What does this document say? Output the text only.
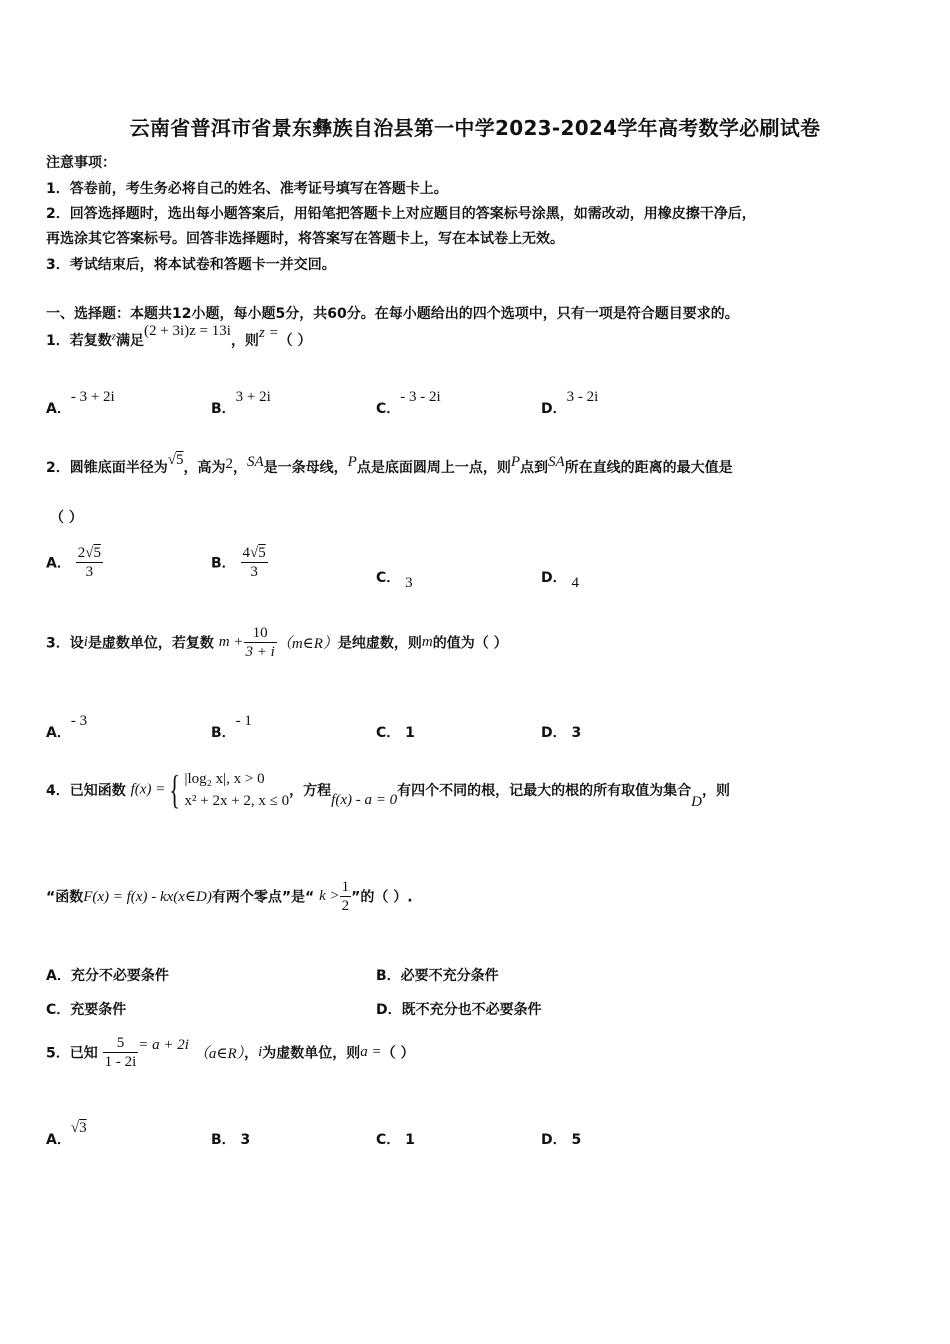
云南省普洱市省景东彝族自治县第一中学2023-2024学年高考数学必刷试卷
注意事项：
1．答卷前，考生务必将自己的姓名、准考证号填写在答题卡上。
2．回答选择题时，选出每小题答案后，用铅笔把答题卡上对应题目的答案标号涂黑，如需改动，用橡皮擦干净后，
再选涂其它答案标号。回答非选择题时，将答案写在答题卡上，写在本试卷上无效。
3．考试结束后，将本试卷和答题卡一并交回。
一、选择题：本题共12小题，每小题5分，共60分。在每小题给出的四个选项中，只有一项是符合题目要求的。
1．若复数$^z$满足(2 + 3i)z = 13i，则z =（ ）
A．- 3 + 2i
B．3 + 2i
C．- 3 - 2i
D．3 - 2i
2．圆锥底面半径为√5，高为2，SA是一条母线，P点是底面圆周上一点，则P点到SA所在直线的距离的最大值是
（ ）
A． $\frac{2√5}{3}$	B． $\frac{4√5}{3}$	C． 3	D． 4
3．设i是虚数单位，若复数 $m + \frac{10}{3 + i}$ （m∈R）是纯虚数，则m的值为（ ）
A．- 3
B．- 1
C． 1	D． 3
4．已知函数 f(x) = { |log₂ x|, x > 0
x² + 2x + 2, x ≤ 0
，方程f(x) - a = 0有四个不同的根，记最大的根的所有取值为集合D，则
“函数F(x) = f(x) - kx(x∈D)有两个零点”是“ $k > \frac{1}{2}$ ”的（ ）.
A．充分不必要条件	B．必要不充分条件
C．充要条件	D．既不充分也不必要条件
5．已知 $\frac{5}{1 - 2i} = a + 2i$ （a∈R），i为虚数单位，则a =（ ）
A．√3
B． 3	C． 1	D． 5
